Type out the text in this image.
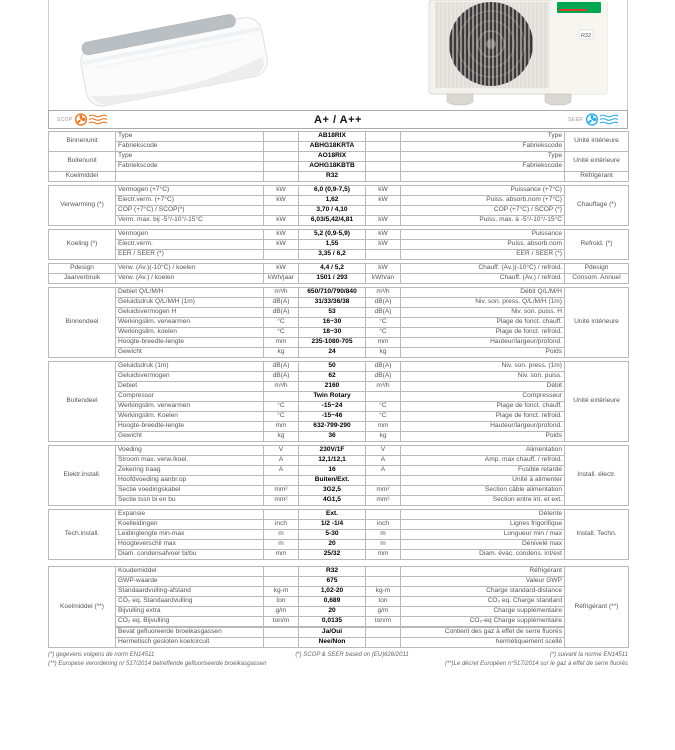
R32
SCOP	A+ / A++	SEER
Binnenunit	Type		AB18RIX		Type	Unité intérieure
	Fabriekscode		ABHG18KRTA		Fabriekscode	
Buitenunit	Type		AO18RIX		Type	Unité extérieure
	Fabriekscode		AOHG18KBTB		Fabriekscode	
Koelmiddel			R32			Réfrigérant
Verwarming (*)	Vermogen (+7°C)	kW	6,0 (0,9-7,5)	kW	Puissance (+7°C)	Chauffage (*)
	Electr.verm. (+7°C)	kW	1,62	kW	Puiss. absorb.nom (+7°C)	
	COP (+7°C) / SCOP(*)		3,70 / 4,10		COP (+7°C) / SCOP (*)	
	Verm. max. bij -5°/-10°/-15°C	kW	6,03/5,42/4,81	kW	Puiss. max. à -5°/-10°/-15°C	
Koeling (*)	Vermogen	kW	5,2 (0,9-5,9)	kW	Puissance	Refroid. (*)
	Electr.verm.	kW	1,55	kW	Puiss. absorb.nom	
	EER / SEER (*)		3,35 / 6,2		EER / SEER (*)	
Pdesign	Verw. (Av.)(-10°C) / koelen	kW	4,4 / 5,2	kW	Chauff. (Av.)(-10°C) / refroid.	Pdesign
Jaarverbruik	Verw. (Av.) / koelen	kWh/jaar	1501 / 293	kWh/an	Chauff. (Av.) / refroid.	Consom. Annuel
Binnendeel	Debiet Q/L/M/H	m³/h	650/710/790/840	m³/h	Débit Q/L/M/H	Unité intérieure
	Geluidsdruk Q/L/M/H (1m)	dB(A)	31/33/36/38	dB(A)	Niv. son. press. Q/L/M/H (1m)	
	Geluidsvermogen H	dB(A)	53	dB(A)	Niv. son. puiss. H	
	Werkingslim. verwarmen	°C	16~30	°C	Plage de fonct. chauff.	
	Werkingslim. koelen	°C	18~30	°C	Plage de fonct. refroid.	
	Hoogte-breedte-lengte	mm	235-1080-705	mm	Hauteur/largeur/profond.	
	Gewicht	kg	24	kg	Poids	
Buitendeel	Geluidsdruk (1m)	dB(A)	50	dB(A)	Niv. son. press. (1m)	Unité extérieure
	Geluidsvermogen	dB(A)	62	dB(A)	Niv. son. puiss.	
	Debiet	m³/h	2160	m³/h	Débit	
	Compressor		Twin Rotary		Compresseur	
	Werkingslim. verwarmen	°C	-15~24	°C	Plage de fonct. chauff.	
	Werkingslim. Koelen	°C	-15~46	°C	Plage de fonct. refroid.	
	Hoogte-breedte-lengte	mm	632-799-290	mm	Hauteur/largeur/profond.	
	Gewicht	kg	36	kg	Poids	
Elektr.install.	Voeding	V	230V/1F	V	Alimentation	Install. électr.
	Stroom max. verw./koel.	A	12,1/12,1	A	Amp. max chauff. / refroid.	
	Zekering traag	A	16	A	Fusible retardé	
	Hoofdvoeding aanbr.op		Buiten/Ext.		Unité à alimenter	
	Sectie voedingskabel	mm²	3G2,5	mm²	Section câble alimentation	
	Sectie tssn bi en bu	mm²	4G1,5	mm²	Section entre int. et ext.	
Tech.install.	Expansie		Ext.		Détente	Install. Techn.
	Koelleidingen	inch	1/2 -1/4	inch	Lignes frigorifique	
	Leidinglengte min-max	m	5-30	m	Longueur min / max	
	Hoogteverschil max	m	20	m	Dénivelé max	
	Diam. condensafvoer bi/bu	mm	25/32	mm	Diam. évac. condens. int/ext	
Koelmiddel (**)	Koudemiddel		R32		Réfrigérant	Réfrigérant (**)
	GWP-waarde		675		Valeur GWP	
	Standaardvulling-afstand	kg-m	1,02-20	kg-m	Charge standard-distance	
	CO₂ eq. Standaardvulling	ton	0,689	ton	CO₂ eq. Charge standard	
	Bijvulling extra	g/m	20	g/m	Charge supplémentaire	
	CO₂ eq. Bijvulling	ton/m	0,0135	ton/m	CO₂-eq Charge supplémentaire	
	Bevat gefluoreerde broeikasgassen		Ja/Oui		Contient des gaz à effet de serre fluorés	
	Hermetisch gesloten koelcircuit		Nee/Non		hermétiquement scellé	
(*) gegevens volgens de norm EN14511	(*) SCOP & SEER based on (EU)626/2011	(*) suivant la norme EN14511
(**) Europese verordening nr 517/2014 betreffende gefluoriseerde broeikasgassen	(**)Le décret Européen n°517/2014 sur le gaz à effet de serre fluorés
